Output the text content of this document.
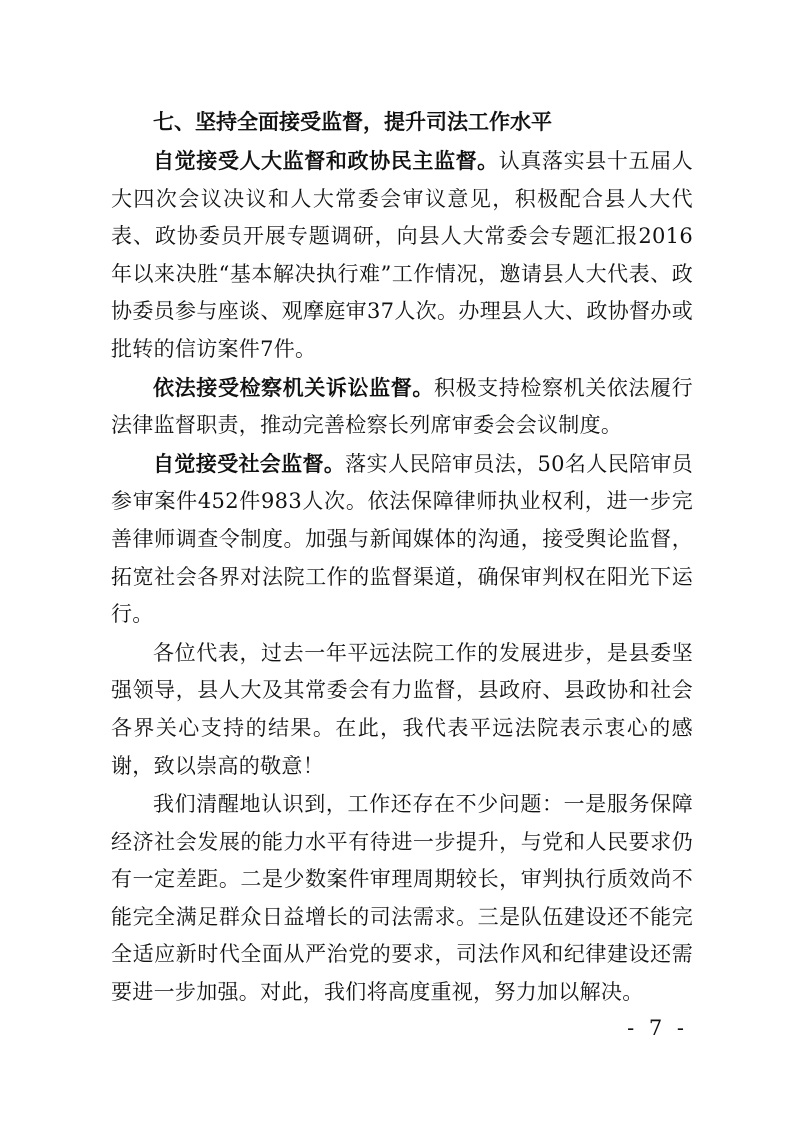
七、坚持全面接受监督，提升司法工作水平

自觉接受人大监督和政协民主监督。认真落实县十五届人大四次会议决议和人大常委会审议意见，积极配合县人大代表、政协委员开展专题调研，向县人大常委会专题汇报2016年以来决胜“基本解决执行难”工作情况，邀请县人大代表、政协委员参与座谈、观摩庭审37人次。办理县人大、政协督办或批转的信访案件7件。

依法接受检察机关诉讼监督。积极支持检察机关依法履行法律监督职责，推动完善检察长列席审委会会议制度。

自觉接受社会监督。落实人民陪审员法，50名人民陪审员参审案件452件983人次。依法保障律师执业权利，进一步完善律师调查令制度。加强与新闻媒体的沟通，接受舆论监督，拓宽社会各界对法院工作的监督渠道，确保审判权在阳光下运行。

各位代表，过去一年平远法院工作的发展进步，是县委坚强领导，县人大及其常委会有力监督，县政府、县政协和社会各界关心支持的结果。在此，我代表平远法院表示衷心的感谢，致以崇高的敬意！

我们清醒地认识到，工作还存在不少问题：一是服务保障经济社会发展的能力水平有待进一步提升，与党和人民要求仍有一定差距。二是少数案件审理周期较长，审判执行质效尚不能完全满足群众日益增长的司法需求。三是队伍建设还不能完全适应新时代全面从严治党的要求，司法作风和纪律建设还需要进一步加强。对此，我们将高度重视，努力加以解决。

- 7 -
